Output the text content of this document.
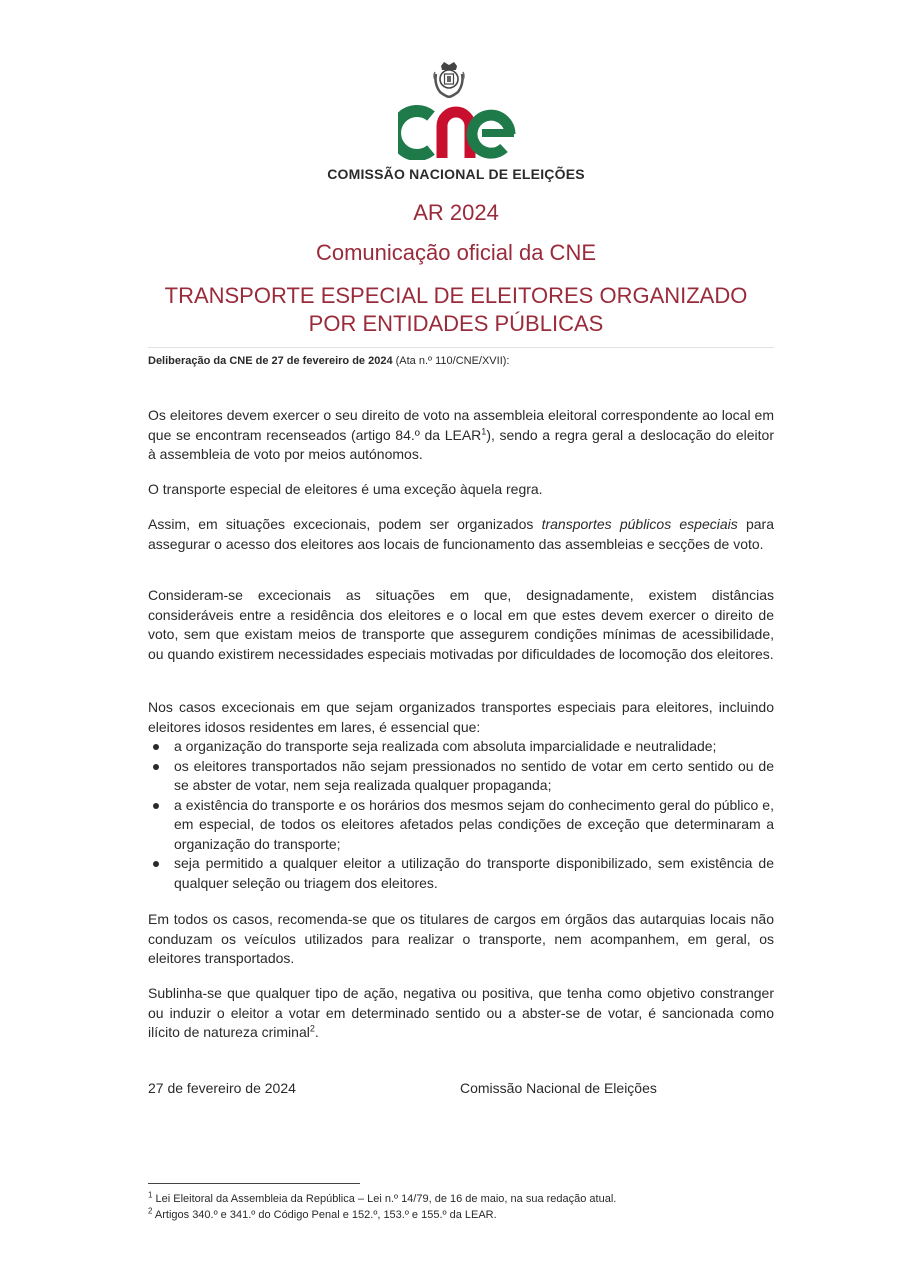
COMISSÃO NACIONAL DE ELEIÇÕES
AR 2024
Comunicação oficial da CNE
TRANSPORTE ESPECIAL DE ELEITORES ORGANIZADO
POR ENTIDADES PÚBLICAS
Deliberação da CNE de 27 de fevereiro de 2024 (Ata n.º 110/CNE/XVII):
Os eleitores devem exercer o seu direito de voto na assembleia eleitoral correspondente ao local em que se encontram recenseados (artigo 84.º da LEAR$^1$), sendo a regra geral a deslocação do eleitor à assembleia de voto por meios autónomos.
O transporte especial de eleitores é uma exceção àquela regra.
Assim, em situações excecionais, podem ser organizados transportes públicos especiais para assegurar o acesso dos eleitores aos locais de funcionamento das assembleias e secções de voto.
Consideram-se excecionais as situações em que, designadamente, existem distâncias consideráveis entre a residência dos eleitores e o local em que estes devem exercer o direito de voto, sem que existam meios de transporte que assegurem condições mínimas de acessibilidade, ou quando existirem necessidades especiais motivadas por dificuldades de locomoção dos eleitores.
Nos casos excecionais em que sejam organizados transportes especiais para eleitores, incluindo eleitores idosos residentes em lares, é essencial que:
a organização do transporte seja realizada com absoluta imparcialidade e neutralidade;
os eleitores transportados não sejam pressionados no sentido de votar em certo sentido ou de se abster de votar, nem seja realizada qualquer propaganda;
a existência do transporte e os horários dos mesmos sejam do conhecimento geral do público e, em especial, de todos os eleitores afetados pelas condições de exceção que determinaram a organização do transporte;
seja permitido a qualquer eleitor a utilização do transporte disponibilizado, sem existência de qualquer seleção ou triagem dos eleitores.
Em todos os casos, recomenda-se que os titulares de cargos em órgãos das autarquias locais não conduzam os veículos utilizados para realizar o transporte, nem acompanhem, em geral, os eleitores transportados.
Sublinha-se que qualquer tipo de ação, negativa ou positiva, que tenha como objetivo constranger ou induzir o eleitor a votar em determinado sentido ou a abster-se de votar, é sancionada como ilícito de natureza criminal$^2$.
27 de fevereiro de 2024	Comissão Nacional de Eleições
$^1$ Lei Eleitoral da Assembleia da República – Lei n.º 14/79, de 16 de maio, na sua redação atual.
$^2$ Artigos 340.º e 341.º do Código Penal e 152.º, 153.º e 155.º da LEAR.
